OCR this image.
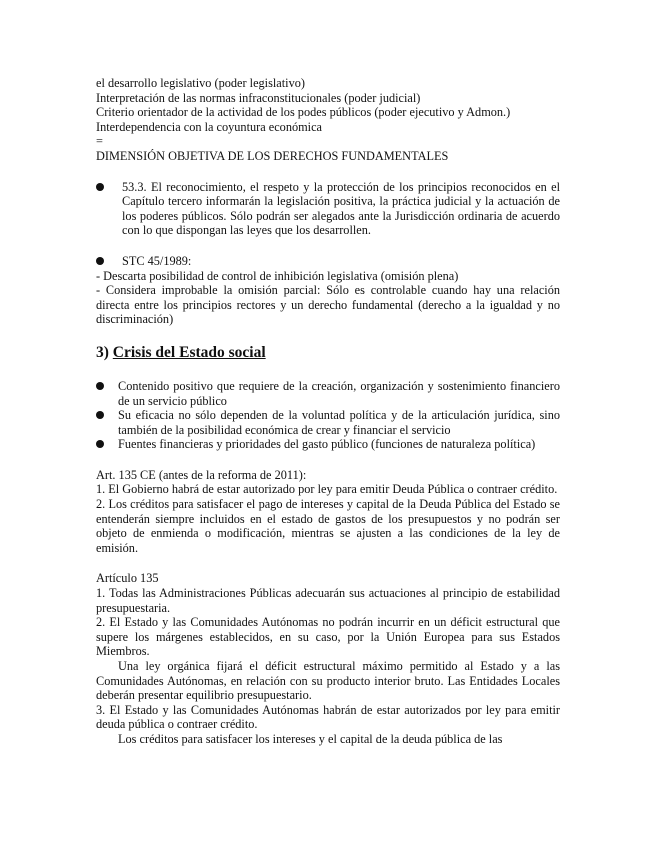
el desarrollo legislativo (poder legislativo)
Interpretación de las normas infraconstitucionales (poder judicial)
Criterio orientador de la actividad de los podes públicos (poder ejecutivo y Admon.)
Interdependencia con la coyuntura económica
=
DIMENSIÓN OBJETIVA DE LOS DERECHOS FUNDAMENTALES
53.3. El reconocimiento, el respeto y la protección de los principios reconocidos en el Capítulo tercero informarán la legislación positiva, la práctica judicial y la actuación de los poderes públicos. Sólo podrán ser alegados ante la Jurisdicción ordinaria de acuerdo con lo que dispongan las leyes que los desarrollen.
STC 45/1989:

- Descarta posibilidad de control de inhibición legislativa (omisión plena)

- Considera improbable la omisión parcial: Sólo es controlable cuando hay una relación directa entre los principios rectores y un derecho fundamental (derecho a la igualdad y no discriminación)

3) Crisis del Estado social
Contenido positivo que requiere de la creación, organización y sostenimiento financiero de un servicio público
Su eficacia no sólo dependen de la voluntad política y de la articulación jurídica, sino también de la posibilidad económica de crear y financiar el servicio
Fuentes financieras y prioridades del gasto público (funciones de naturaleza política)

Art. 135 CE (antes de la reforma de 2011):

1. El Gobierno habrá de estar autorizado por ley para emitir Deuda Pública o contraer crédito.

2. Los créditos para satisfacer el pago de intereses y capital de la Deuda Pública del Estado se entenderán siempre incluidos en el estado de gastos de los presupuestos y no podrán ser objeto de enmienda o modificación, mientras se ajusten a las condiciones de la ley de emisión.

Artículo 135

1. Todas las Administraciones Públicas adecuarán sus actuaciones al principio de estabilidad presupuestaria.

2. El Estado y las Comunidades Autónomas no podrán incurrir en un déficit estructural que supere los márgenes establecidos, en su caso, por la Unión Europea para sus Estados Miembros.

Una ley orgánica fijará el déficit estructural máximo permitido al Estado y a las Comunidades Autónomas, en relación con su producto interior bruto. Las Entidades Locales deberán presentar equilibrio presupuestario.

3. El Estado y las Comunidades Autónomas habrán de estar autorizados por ley para emitir deuda pública o contraer crédito.

Los créditos para satisfacer los intereses y el capital de la deuda pública de las
